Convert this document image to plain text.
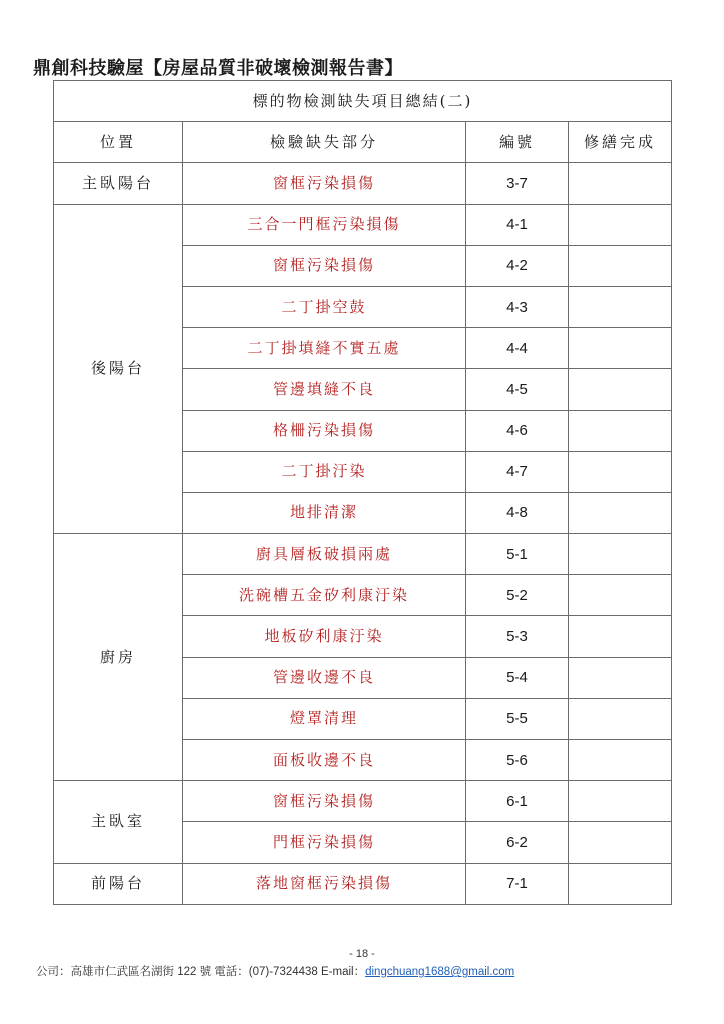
鼎創科技驗屋【房屋品質非破壞檢測報告書】
標的物檢測缺失項目總結(二)			
位置	檢驗缺失部分	編號	修繕完成
主臥陽台	窗框污染損傷	3-7	
後陽台	三合一門框污染損傷	4-1	
	窗框污染損傷	4-2	
	二丁掛空鼓	4-3	
	二丁掛填縫不實五處	4-4	
	管邊填縫不良	4-5	
	格柵污染損傷	4-6	
	二丁掛汙染	4-7	
	地排清潔	4-8	
廚房	廚具層板破損兩處	5-1	
	洗碗槽五金矽利康汙染	5-2	
	地板矽利康汙染	5-3	
	管邊收邊不良	5-4	
	燈罩清理	5-5	
	面板收邊不良	5-6	
主臥室	窗框污染損傷	6-1	
	門框污染損傷	6-2	
前陽台	落地窗框污染損傷	7-1	
- 18 -
公司：高雄市仁武區名湖街 122 號 電話：(07)-7324438 E-mail：dingchuang1688@gmail.com
